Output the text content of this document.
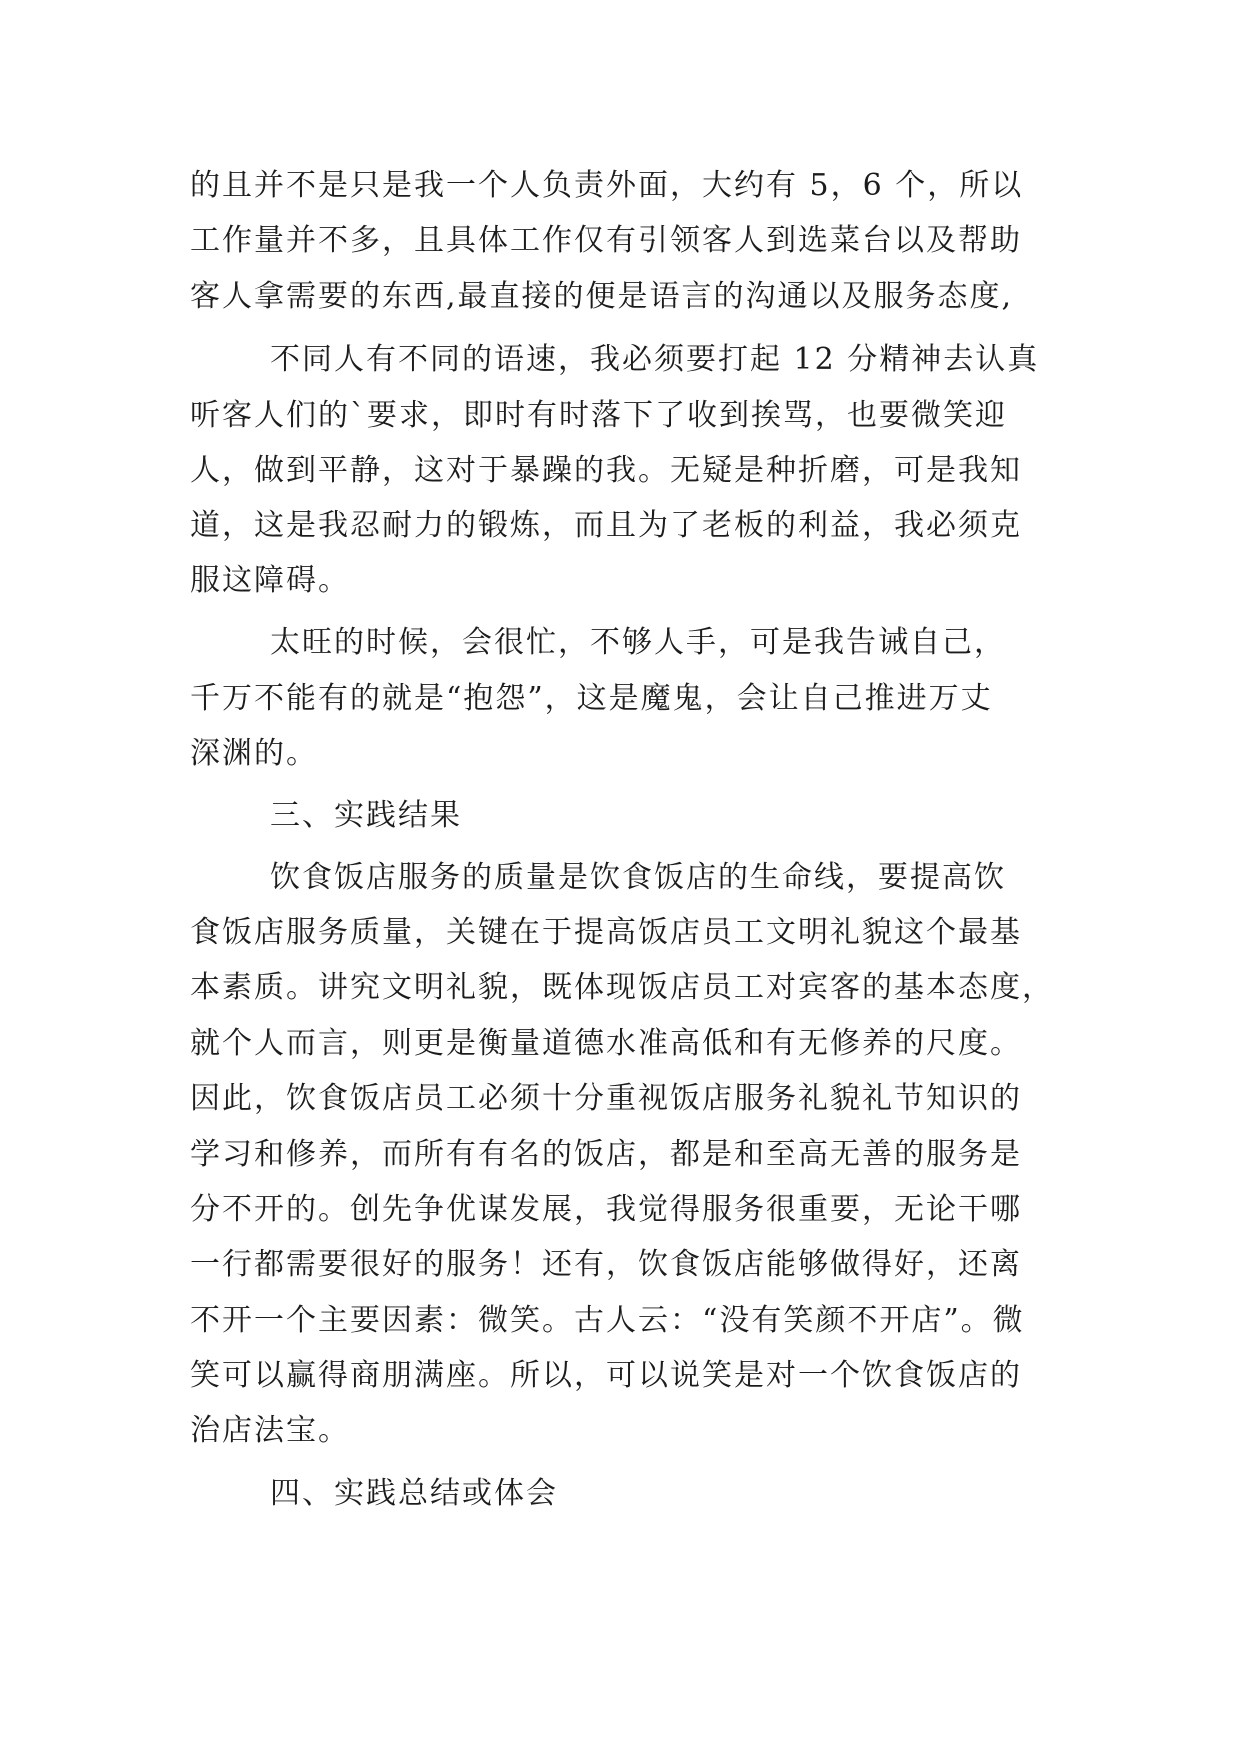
的且并不是只是我一个人负责外面，大约有 5，6 个，所以
工作量并不多，且具体工作仅有引领客人到选菜台以及帮助
客人拿需要的东西,最直接的便是语言的沟通以及服务态度,
不同人有不同的语速，我必须要打起 12 分精神去认真
听客人们的`要求，即时有时落下了收到挨骂，也要微笑迎
人，做到平静，这对于暴躁的我。无疑是种折磨，可是我知
道，这是我忍耐力的锻炼，而且为了老板的利益，我必须克
服这障碍。
太旺的时候，会很忙，不够人手，可是我告诫自己，
千万不能有的就是“抱怨”，这是魔鬼，会让自己推进万丈
深渊的。
三、实践结果
饮食饭店服务的质量是饮食饭店的生命线，要提高饮
食饭店服务质量，关键在于提高饭店员工文明礼貌这个最基
本素质。讲究文明礼貌，既体现饭店员工对宾客的基本态度，
就个人而言，则更是衡量道德水准高低和有无修养的尺度。
因此，饮食饭店员工必须十分重视饭店服务礼貌礼节知识的
学习和修养，而所有有名的饭店，都是和至高无善的服务是
分不开的。创先争优谋发展，我觉得服务很重要，无论干哪
一行都需要很好的服务！还有，饮食饭店能够做得好，还离
不开一个主要因素：微笑。古人云：“没有笑颜不开店”。微
笑可以赢得商朋满座。所以，可以说笑是对一个饮食饭店的
治店法宝。
四、实践总结或体会
